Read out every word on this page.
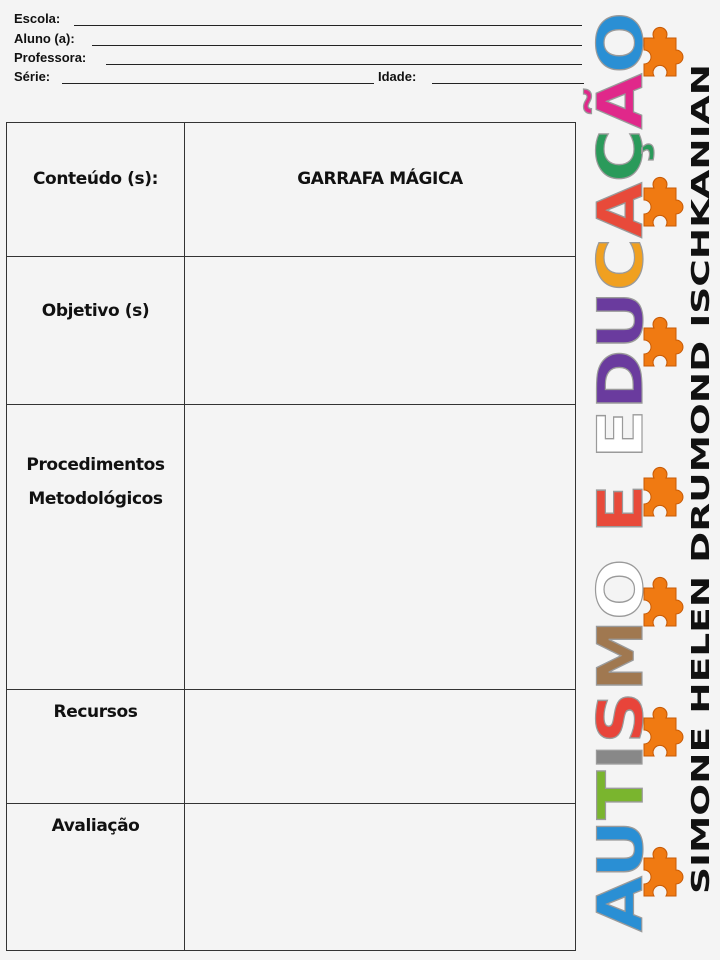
Escola:
Aluno (a):
Professora:
Série:	Idade:
Conteúdo (s):	GARRAFA MÁGICA

Objetivo (s)	

Procedimentos
Metodológicos	

Recursos	

Avaliação	

AUTISMO E EDUCAÇÃO
SIMONE HELEN DRUMOND ISCHKANIAN
